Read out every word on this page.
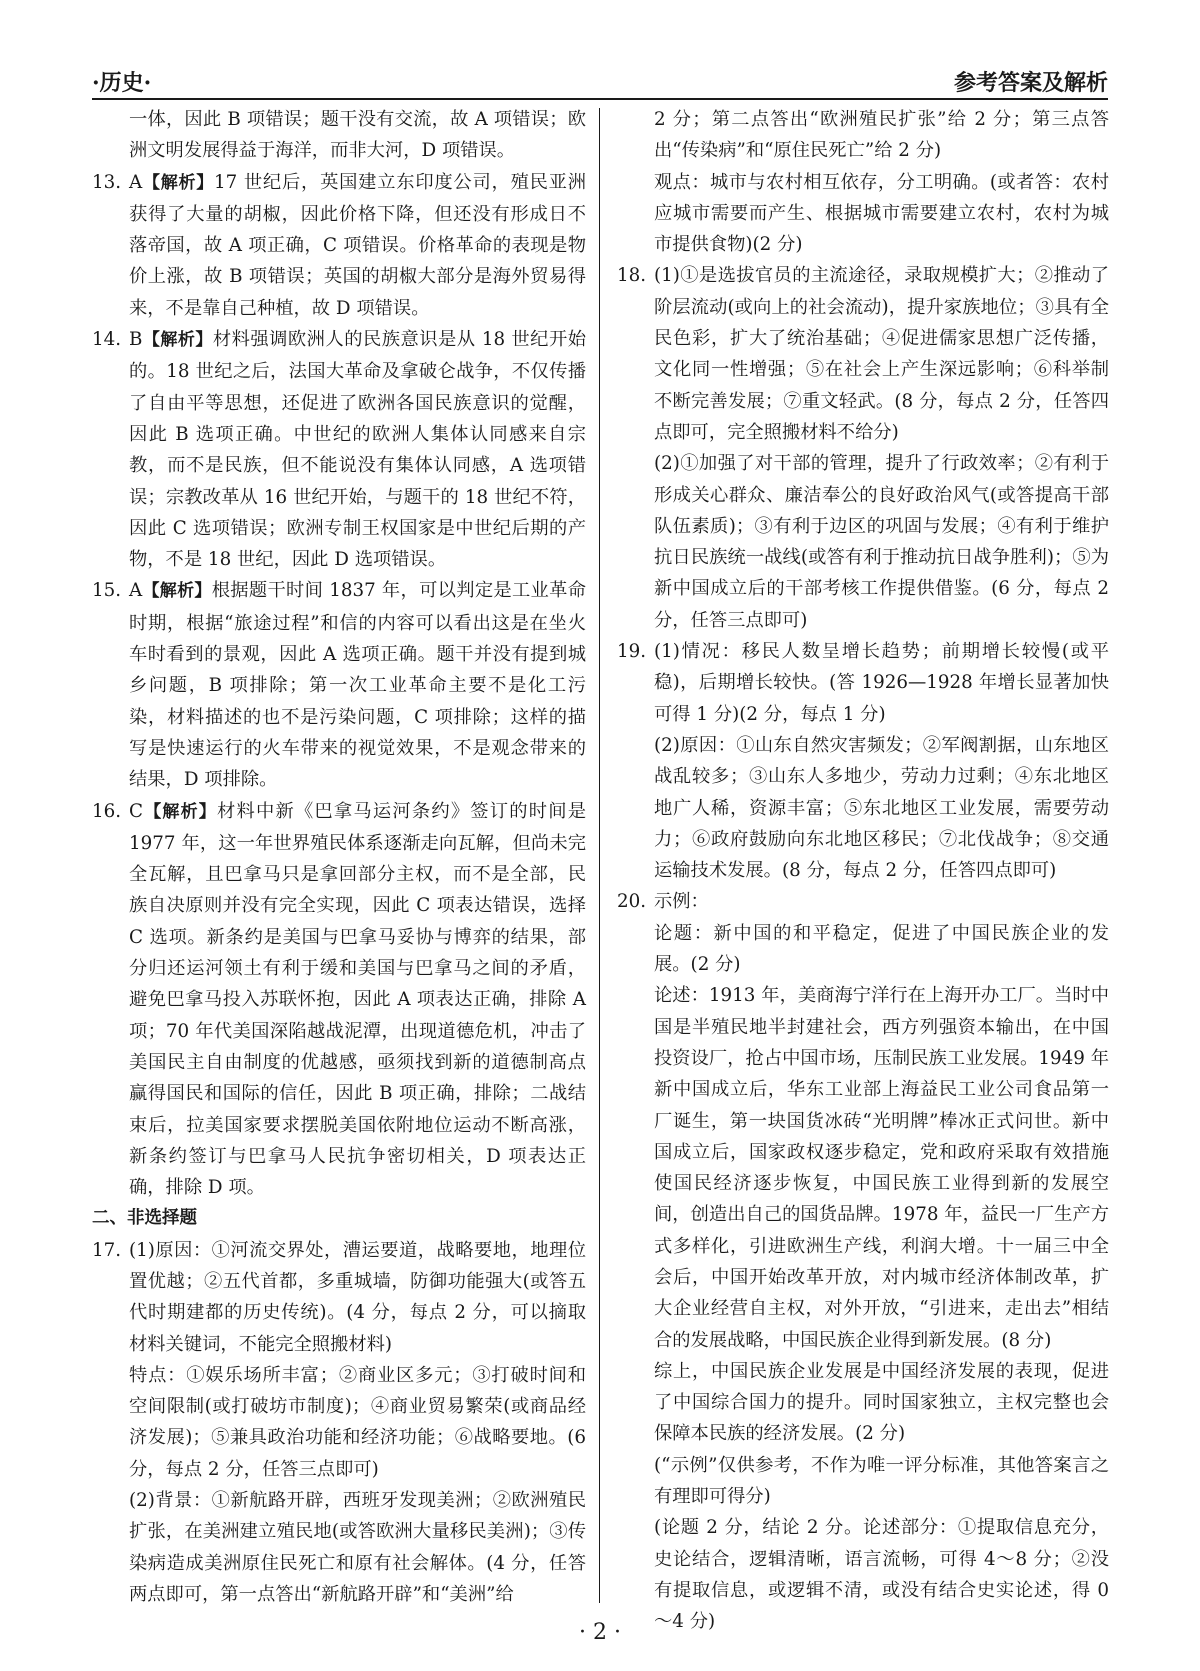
·历史·	参考答案及解析

一体，因此 B 项错误；题干没有交流，故 A 项错误；欧洲文明发展得益于海洋，而非大河，D 项错误。

13. A【解析】17 世纪后，英国建立东印度公司，殖民亚洲获得了大量的胡椒，因此价格下降，但还没有形成日不落帝国，故 A 项正确，C 项错误。价格革命的表现是物价上涨，故 B 项错误；英国的胡椒大部分是海外贸易得来，不是靠自己种植，故 D 项错误。
14. B【解析】材料强调欧洲人的民族意识是从 18 世纪开始的。18 世纪之后，法国大革命及拿破仑战争，不仅传播了自由平等思想，还促进了欧洲各国民族意识的觉醒，因此 B 选项正确。中世纪的欧洲人集体认同感来自宗教，而不是民族，但不能说没有集体认同感，A 选项错误；宗教改革从 16 世纪开始，与题干的 18 世纪不符，因此 C 选项错误；欧洲专制王权国家是中世纪后期的产物，不是 18 世纪，因此 D 选项错误。
15. A【解析】根据题干时间 1837 年，可以判定是工业革命时期，根据“旅途过程”和信的内容可以看出这是在坐火车时看到的景观，因此 A 选项正确。题干并没有提到城乡问题，B 项排除；第一次工业革命主要不是化工污染，材料描述的也不是污染问题，C 项排除；这样的描写是快速运行的火车带来的视觉效果，不是观念带来的结果，D 项排除。
16. C【解析】材料中新《巴拿马运河条约》签订的时间是 1977 年，这一年世界殖民体系逐渐走向瓦解，但尚未完全瓦解，且巴拿马只是拿回部分主权，而不是全部，民族自决原则并没有完全实现，因此 C 项表达错误，选择 C 选项。新条约是美国与巴拿马妥协与博弈的结果，部分归还运河领土有利于缓和美国与巴拿马之间的矛盾，避免巴拿马投入苏联怀抱，因此 A 项表达正确，排除 A 项；70 年代美国深陷越战泥潭，出现道德危机，冲击了美国民主自由制度的优越感，亟须找到新的道德制高点赢得国民和国际的信任，因此 B 项正确，排除；二战结束后，拉美国家要求摆脱美国依附地位运动不断高涨，新条约签订与巴拿马人民抗争密切相关，D 项表达正确，排除 D 项。

二、非选择题

17. (1)原因：①河流交界处，漕运要道，战略要地，地理位置优越；②五代首都，多重城墙，防御功能强大(或答五代时期建都的历史传统)。(4 分，每点 2 分，可以摘取材料关键词，不能完全照搬材料)

特点：①娱乐场所丰富；②商业区多元；③打破时间和空间限制(或打破坊市制度)；④商业贸易繁荣(或商品经济发展)；⑤兼具政治功能和经济功能；⑥战略要地。(6 分，每点 2 分，任答三点即可)

(2)背景：①新航路开辟，西班牙发现美洲；②欧洲殖民扩张，在美洲建立殖民地(或答欧洲大量移民美洲)；③传染病造成美洲原住民死亡和原有社会解体。(4 分，任答两点即可，第一点答出“新航路开辟”和“美洲”给

2 分；第二点答出“欧洲殖民扩张”给 2 分；第三点答出“传染病”和“原住民死亡”给 2 分)

观点：城市与农村相互依存，分工明确。(或者答：农村应城市需要而产生、根据城市需要建立农村，农村为城市提供食物)(2 分)

18. (1)①是选拔官员的主流途径，录取规模扩大；②推动了阶层流动(或向上的社会流动)，提升家族地位；③具有全民色彩，扩大了统治基础；④促进儒家思想广泛传播，文化同一性增强；⑤在社会上产生深远影响；⑥科举制不断完善发展；⑦重文轻武。(8 分，每点 2 分，任答四点即可，完全照搬材料不给分)

(2)①加强了对干部的管理，提升了行政效率；②有利于形成关心群众、廉洁奉公的良好政治风气(或答提高干部队伍素质)；③有利于边区的巩固与发展；④有利于维护抗日民族统一战线(或答有利于推动抗日战争胜利)；⑤为新中国成立后的干部考核工作提供借鉴。(6 分，每点 2 分，任答三点即可)

19. (1)情况：移民人数呈增长趋势；前期增长较慢(或平稳)，后期增长较快。(答 1926—1928 年增长显著加快可得 1 分)(2 分，每点 1 分)

(2)原因：①山东自然灾害频发；②军阀割据，山东地区战乱较多；③山东人多地少，劳动力过剩；④东北地区地广人稀，资源丰富；⑤东北地区工业发展，需要劳动力；⑥政府鼓励向东北地区移民；⑦北伐战争；⑧交通运输技术发展。(8 分，每点 2 分，任答四点即可)

20. 示例：

论题：新中国的和平稳定，促进了中国民族企业的发展。(2 分)

论述：1913 年，美商海宁洋行在上海开办工厂。当时中国是半殖民地半封建社会，西方列强资本输出，在中国投资设厂，抢占中国市场，压制民族工业发展。1949 年新中国成立后，华东工业部上海益民工业公司食品第一厂诞生，第一块国货冰砖“光明牌”棒冰正式问世。新中国成立后，国家政权逐步稳定，党和政府采取有效措施使国民经济逐步恢复，中国民族工业得到新的发展空间，创造出自己的国货品牌。1978 年，益民一厂生产方式多样化，引进欧洲生产线，利润大增。十一届三中全会后，中国开始改革开放，对内城市经济体制改革，扩大企业经营自主权，对外开放，“引进来，走出去”相结合的发展战略，中国民族企业得到新发展。(8 分)

综上，中国民族企业发展是中国经济发展的表现，促进了中国综合国力的提升。同时国家独立，主权完整也会保障本民族的经济发展。(2 分)

(“示例”仅供参考，不作为唯一评分标准，其他答案言之有理即可得分)

(论题 2 分，结论 2 分。论述部分：①提取信息充分，史论结合，逻辑清晰，语言流畅，可得 4～8 分；②没有提取信息，或逻辑不清，或没有结合史实论述，得 0～4 分)

· 2 ·
